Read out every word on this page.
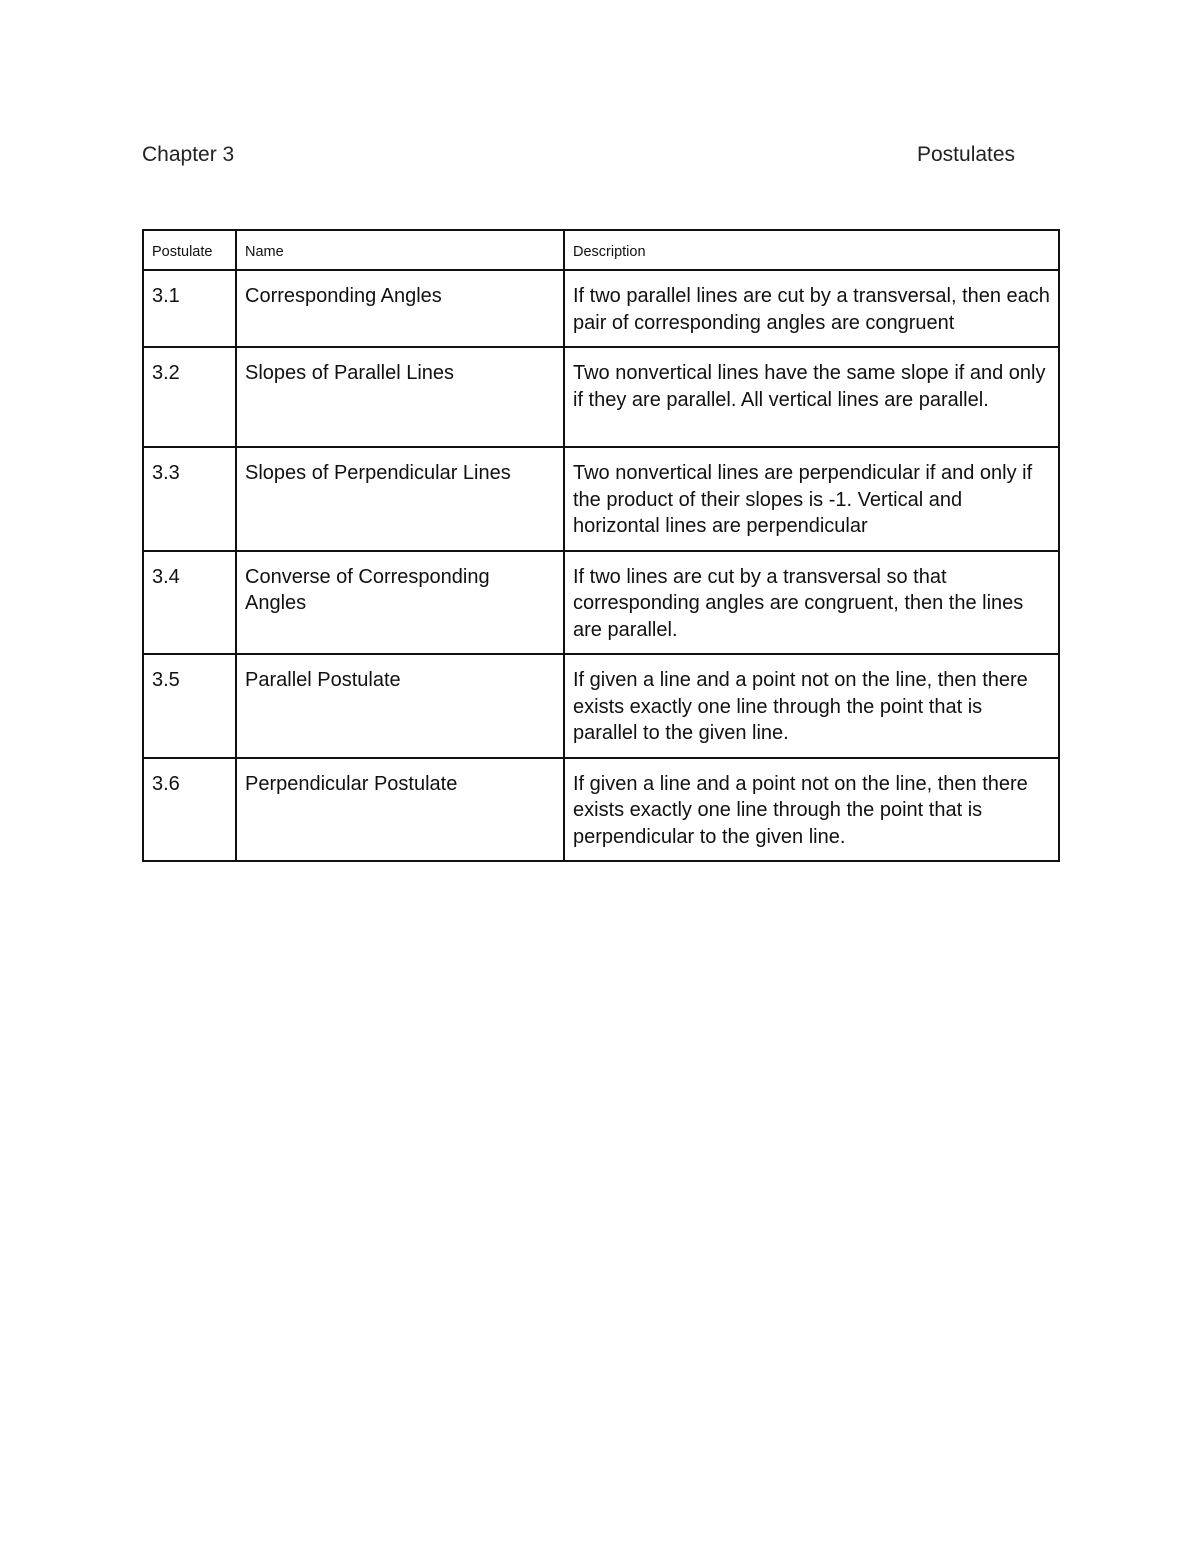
Chapter 3	Postulates
Postulate	Name	Description
3.1	Corresponding Angles	If two parallel lines are cut by a transversal, then each pair of corresponding angles are congruent
3.2	Slopes of Parallel Lines	Two nonvertical lines have the same slope if and only if they are parallel. All vertical lines are parallel.
3.3	Slopes of Perpendicular Lines	Two nonvertical lines are perpendicular if and only if the product of their slopes is -1. Vertical and horizontal lines are perpendicular
3.4	Converse of Corresponding Angles	If two lines are cut by a transversal so that corresponding angles are congruent, then the lines are parallel.
3.5	Parallel Postulate	If given a line and a point not on the line, then there exists exactly one line through the point that is parallel to the given line.
3.6	Perpendicular Postulate	If given a line and a point not on the line, then there exists exactly one line through the point that is perpendicular to the given line.
